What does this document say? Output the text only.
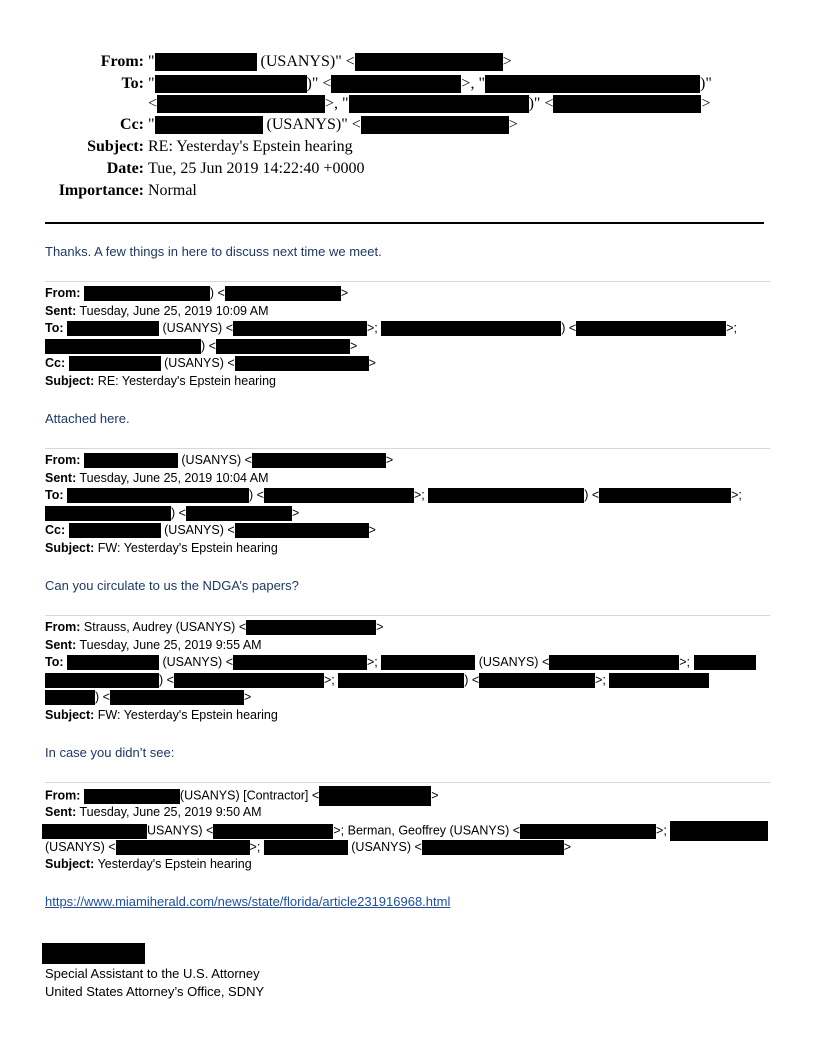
From: "	(USANYS)" <	>
To: "	)" <	>, "	)"
<	>, "	)" <	>
Cc: "	(USANYS)" <	>
Subject: RE: Yesterday's Epstein hearing
Date: Tue, 25 Jun 2019 14:22:40 +0000
Importance: Normal
Thanks. A few things in here to discuss next time we meet.
From:	) <	>
Sent: Tuesday, June 25, 2019 10:09 AM
To:	(USANYS) <	>;	) <	>;
) <	>
Cc:	(USANYS) <	>
Subject: RE: Yesterday's Epstein hearing
Attached here.
From:	(USANYS) <	>
Sent: Tuesday, June 25, 2019 10:04 AM
To:	) <	>;	) <	>;
) <	>
Cc:	(USANYS) <	>
Subject: FW: Yesterday's Epstein hearing
Can you circulate to us the NDGA’s papers?
From: Strauss, Audrey (USANYS) <	>
Sent: Tuesday, June 25, 2019 9:55 AM
To:	(USANYS) <	>;	(USANYS) <	>;
) <	>;	) <	>;
) <	>
Subject: FW: Yesterday's Epstein hearing
In case you didn’t see:
From:	(USANYS) [Contractor] <	>
Sent: Tuesday, June 25, 2019 9:50 AM
USANYS) <	>; Berman, Geoffrey (USANYS) <	>;
(USANYS) <	>;	(USANYS) <	>
Subject: Yesterday's Epstein hearing
https://www.miamiherald.com/news/state/florida/article231916968.html
Special Assistant to the U.S. Attorney
United States Attorney’s Office, SDNY
